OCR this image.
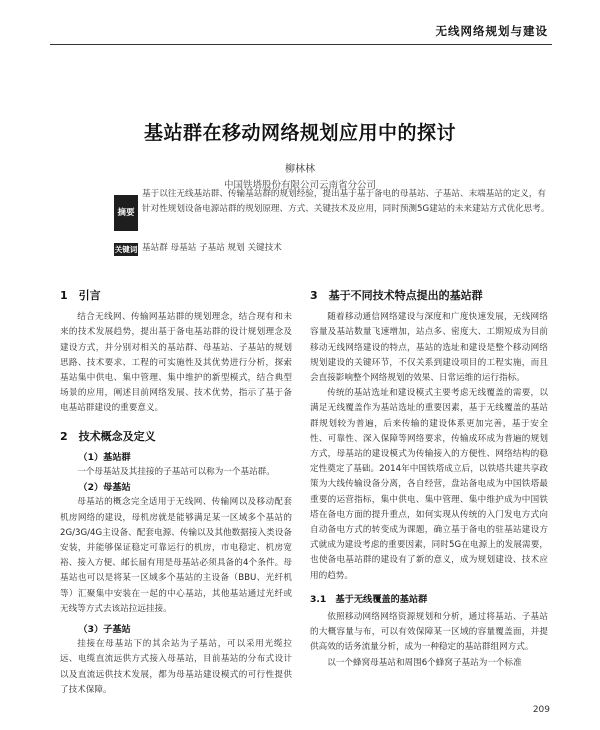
无线网络规划与建设
基站群在移动网络规划应用中的探讨
柳林林
中国铁塔股份有限公司云南省分公司
摘要
基于以往无线基站群、传输基站群的规划经验，提出基于基于备电的母基站、子基站、末端基站的定义，有针对性规划设备电源站群的规划原理、方式、关键技术及应用，同时预测5G建站的未来建站方式优化思考。
关键词 基站群 母基站 子基站 规划 关键技术
1　引言

结合无线网、传输网基站群的规划理念，结合现有和未来的技术发展趋势，提出基于备电基站群的设计规划理念及建设方式，并分别对相关的基站群、母基站、子基站的规划思路、技术要求、工程的可实施性及其优势进行分析，探索基站集中供电、集中管理、集中维护的新型模式，结合典型场景的应用，阐述目前网络发展、技术优势，指示了基于备电基站群建设的重要意义。

2　技术概念及定义
（1）基站群

一个母基站及其挂接的子基站可以称为一个基站群。

（2）母基站

母基站的概念完全适用于无线网、传输网以及移动配套机房网络的建设，母机房就是能够满足某一区域多个基站的2G/3G/4G主设备、配套电源、传输以及其他数据接入类设备安装，并能够保证稳定可靠运行的机房，市电稳定、机房宽裕、接入方便、邮长届有用是母基站必须具备的4个条件。母基站也可以是将某一区域多个基站的主设备（BBU、光纤机等）汇聚集中安装在一起的中心基站，其他基站通过光纤或无线等方式去该站拉远挂接。

（3）子基站

挂接在母基站下的其余站为子基站，可以采用光缆拉远、电缆直流远供方式接入母基站，目前基站的分布式设计以及直流远供技术发展，都为母基站建设模式的可行性提供了技术保障。

3　基于不同技术特点提出的基站群

随着移动通信网络建设与深度和广度快速发展，无线网络容量及基站数量飞速增加，站点多、密度大、工期短成为目前移动无线网络建设的特点，基站的选址和建设是整个移动网络规划建设的关键环节，不仅关系到建设项目的工程实施，而且会直接影响整个网络规划的效果、日常运维的运行指标。

传统的基站选址和建设模式主要考虑无线覆盖的需要，以满足无线覆盖作为基站选址的重要因素，基于无线覆盖的基站群规划较为普遍，后来传输的建设体系更加完善，基于安全性、可靠性、深入保障等网络要求，传输成环成为普遍的规划方式，母基站的建设模式为传输接入的方便性、网络结构的稳定性奠定了基础。2014年中国铁塔成立后，以铁塔共建共享政策为大线传输设备分离，各自经营，盘站备电成为中国铁塔最重要的运营指标，集中供电、集中管理、集中维护成为中国铁塔在备电方面的提升重点，如何实现从传统的入门发电方式向自动备电方式的转变成为课题，确立基于备电的驻基站建设方式就成为建设考虑的重要因素，同时5G在电源上的发展需要，也使备电基站群的建设有了新的意义，成为规划建设、技术应用的趋势。

3.1　基于无线覆盖的基站群

依照移动网络网络资源规划和分析，通过将基站、子基站的大概容量与布，可以有效保障某一区域的容量覆盖面，并提供高效的话务流量分析，成为一种稳定的基站群组网方式。

以一个蜂窝母基站和周围6个蜂窝子基站为一个标准

209
